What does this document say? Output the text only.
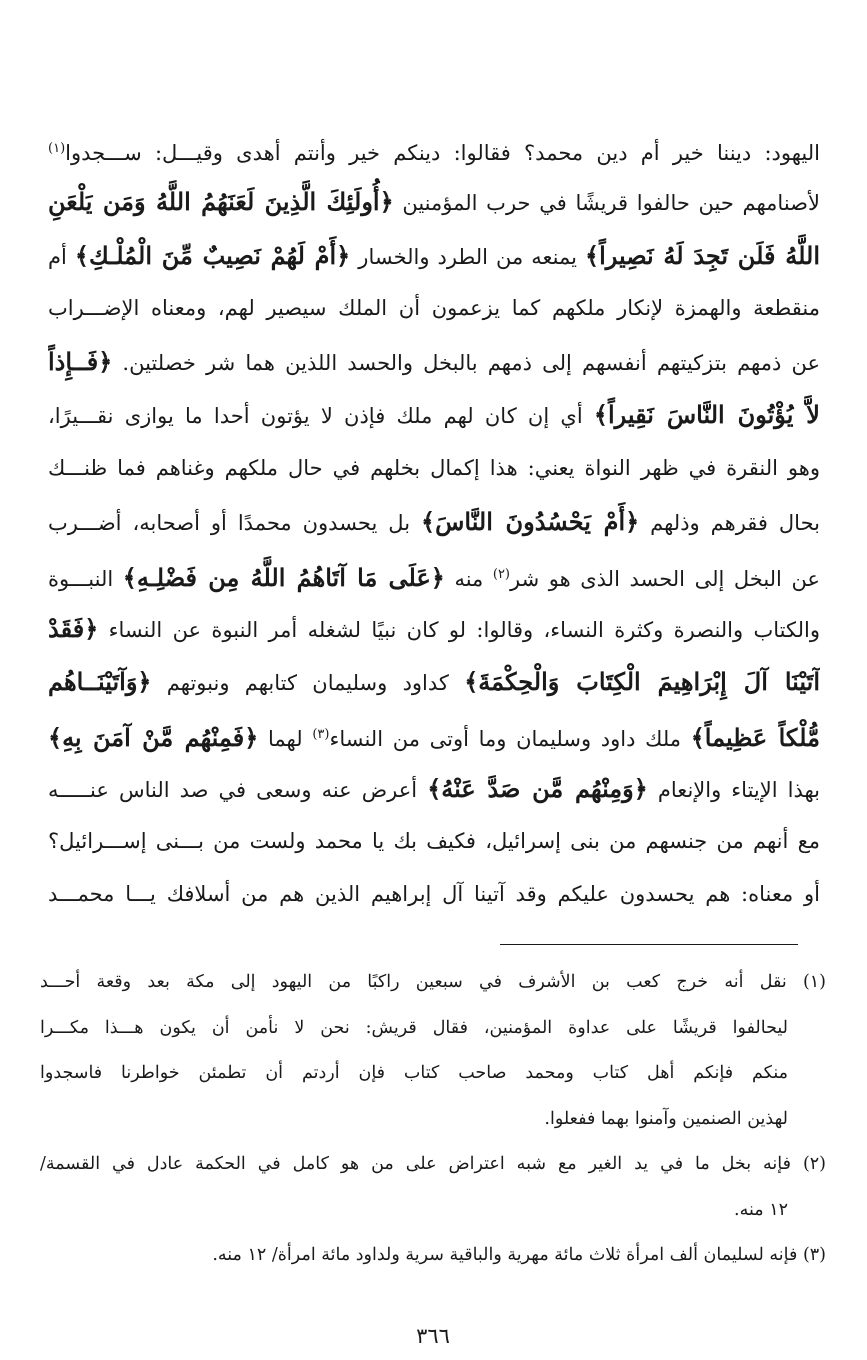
اليهود: ديننا خير أم دين محمد؟ فقالوا: دينكم خير وأنتم أهدى وقيـــل: ســـجدوا$^{(١)}$
لأصنامهم حين حالفوا قريشًا في حرب المؤمنين ﴿أُولَئِكَ الَّذِينَ لَعَنَهُمُ اللَّهُ وَمَن يَلْعَنِ
اللَّهُ فَلَن تَجِدَ لَهُ نَصِيراً﴾ يمنعه من الطرد والخسار ﴿أَمْ لَهُمْ نَصِيبٌ مِّنَ الْمُلْـكِ﴾ أم
منقطعة والهمزة لإنكار ملكهم كما يزعمون أن الملك سيصير لهم، ومعناه الإضـــراب
عن ذمهم بتزكيتهم أنفسهم إلى ذمهم بالبخل والحسد اللذين هما شر خصلتين. ﴿فَــإِذاً
لاَّ يُؤْتُونَ النَّاسَ نَقِيراً﴾ أي إن كان لهم ملك فإذن لا يؤتون أحدا ما يوازى نقـــيرًا،
وهو النقرة في ظهر النواة يعني: هذا إكمال بخلهم في حال ملكهم وغناهم فما ظنـــك
بحال فقرهم وذلهم ﴿أَمْ يَحْسُدُونَ النَّاسَ﴾ بل يحسدون محمدًا أو أصحابه، أضـــرب
عن البخل إلى الحسد الذى هو شر$^{(٢)}$ منه ﴿عَلَى مَا آتَاهُمُ اللَّهُ مِن فَضْلِـهِ﴾ النبـــوة
والكتاب والنصرة وكثرة النساء، وقالوا: لو كان نبيًا لشغله أمر النبوة عن النساء ﴿فَقَدْ
آتَيْنَا آلَ إِبْرَاهِيمَ الْكِتَابَ وَالْحِكْمَةَ﴾ كداود وسليمان كتابهم ونبوتهم ﴿وَآتَيْنَــاهُم
مُّلْكاً عَظِيماً﴾ ملك داود وسليمان وما أوتى من النساء$^{(٣)}$ لهما ﴿فَمِنْهُم مَّنْ آمَنَ بِهِ﴾
بهذا الإيتاء والإنعام ﴿وَمِنْهُم مَّن صَدَّ عَنْهُ﴾ أعرض عنه وسعى في صد الناس عنـــــه
مع أنهم من جنسهم من بنى إسرائيل، فكيف بك يا محمد ولست من بـــنى إســـرائيل؟
أو معناه: هم يحسدون عليكم وقد آتينا آل إبراهيم الذين هم من أسلافك يـــا محمـــد
(١) نقل أنه خرج كعب بن الأشرف في سبعين راكبًا من اليهود إلى مكة بعد وقعة أحـــد
ليحالفوا قريشًا على عداوة المؤمنين، فقال قريش: نحن لا نأمن أن يكون هـــذا مكـــرا
منكم فإنكم أهل كتاب ومحمد صاحب كتاب فإن أردتم أن تطمئن خواطرنا فاسجدوا
لهذين الصنمين وآمنوا بهما ففعلوا.
(٢) فإنه بخل ما في يد الغير مع شبه اعتراض على من هو كامل في الحكمة عادل في القسمة/
١٢ منه.
(٣) فإنه لسليمان ألف امرأة ثلاث مائة مهرية والباقية سرية ولداود مائة امرأة/ ١٢ منه.
٣٦٦
